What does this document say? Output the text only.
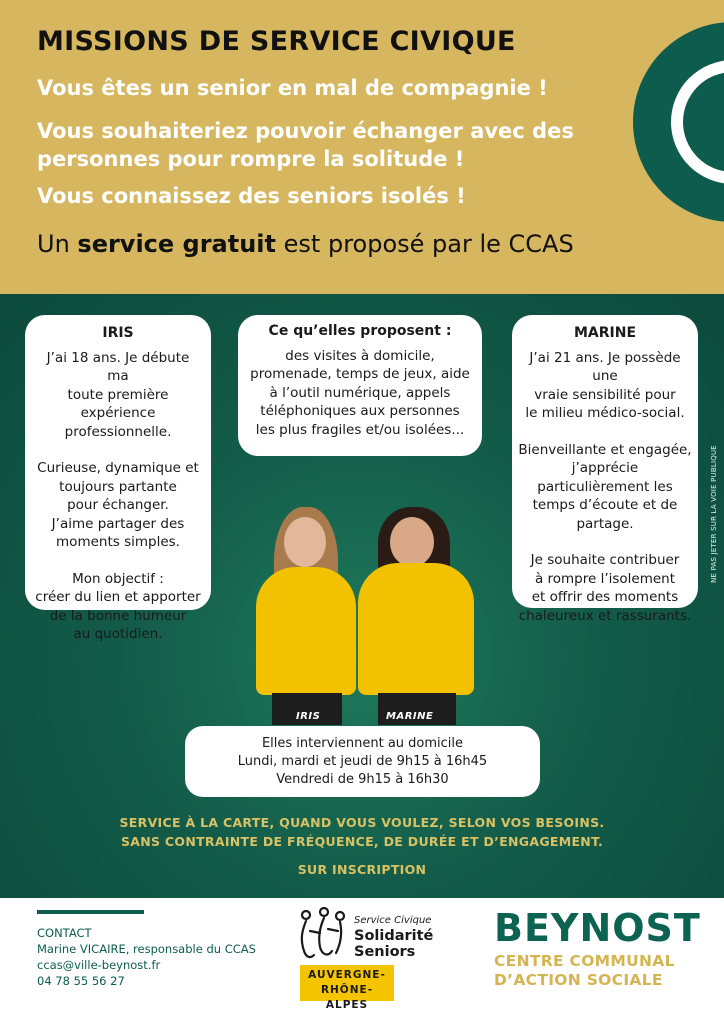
MISSIONS DE SERVICE CIVIQUE
Vous êtes un senior en mal de compagnie !
Vous souhaiteriez pouvoir échanger avec des
personnes pour rompre la solitude !
Vous connaissez des seniors isolés !
Un service gratuit est proposé par le CCAS
IRIS

J’ai 18 ans. Je débute ma
toute première expérience
professionnelle.

Curieuse, dynamique et
toujours partante
pour échanger.
J’aime partager des
moments simples.

Mon objectif :
créer du lien et apporter
de la bonne humeur
au quotidien.

Ce qu’elles proposent :

des visites à domicile,
promenade, temps de jeux, aide
à l’outil numérique, appels
téléphoniques aux personnes
les plus fragiles et/ou isolées...

MARINE

J’ai 21 ans. Je possède une
vraie sensibilité pour
le milieu médico-social.

Bienveillante et engagée,
j’apprécie
particulièrement les
temps d’écoute et de
partage.

Je souhaite contribuer
à rompre l’isolement
et offrir des moments
chaleureux et rassurants.

NE PAS JETER SUR LA VOIE PUBLIQUE
IRIS	MARINE
Elles interviennent au domicile
Lundi, mardi et jeudi de 9h15 à 16h45
Vendredi de 9h15 à 16h30
SERVICE À LA CARTE, QUAND VOUS VOULEZ, SELON VOS BESOINS.
SANS CONTRAINTE DE FRÉQUENCE, DE DURÉE ET D’ENGAGEMENT.
SUR INSCRIPTION
CONTACT
Marine VICAIRE, responsable du CCAS
ccas@ville-beynost.fr
04 78 55 56 27
Service Civique
Solidarité
Seniors
AUVERGNE-
RHÔNE-ALPES
BEYNOST
CENTRE COMMUNAL
D’ACTION SOCIALE
